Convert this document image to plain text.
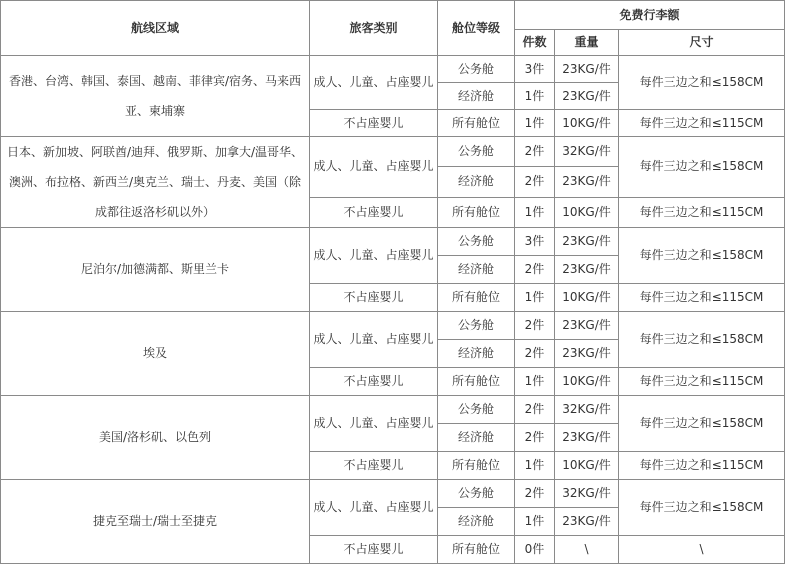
航线区域	旅客类别	舱位等级	免费行李额		
			件数	重量	尺寸
香港、台湾、韩国、泰国、越南、菲律宾/宿务、马来西亚、柬埔寨	成人、儿童、占座婴儿	公务舱	3件	23KG/件	每件三边之和≤158CM
		经济舱	1件	23KG/件	
	不占座婴儿	所有舱位	1件	10KG/件	每件三边之和≤115CM
日本、新加坡、阿联酋/迪拜、俄罗斯、加拿大/温哥华、澳洲、布拉格、新西兰/奥克兰、瑞士、丹麦、美国（除成都往返洛杉矶以外）	成人、儿童、占座婴儿	公务舱	2件	32KG/件	每件三边之和≤158CM
		经济舱	2件	23KG/件	
	不占座婴儿	所有舱位	1件	10KG/件	每件三边之和≤115CM
尼泊尔/加德满都、斯里兰卡	成人、儿童、占座婴儿	公务舱	3件	23KG/件	每件三边之和≤158CM
		经济舱	2件	23KG/件	
	不占座婴儿	所有舱位	1件	10KG/件	每件三边之和≤115CM
埃及	成人、儿童、占座婴儿	公务舱	2件	23KG/件	每件三边之和≤158CM
		经济舱	2件	23KG/件	
	不占座婴儿	所有舱位	1件	10KG/件	每件三边之和≤115CM
美国/洛杉矶、以色列	成人、儿童、占座婴儿	公务舱	2件	32KG/件	每件三边之和≤158CM
		经济舱	2件	23KG/件	
	不占座婴儿	所有舱位	1件	10KG/件	每件三边之和≤115CM
捷克至瑞士/瑞士至捷克	成人、儿童、占座婴儿	公务舱	2件	32KG/件	每件三边之和≤158CM
		经济舱	1件	23KG/件	
	不占座婴儿	所有舱位	0件	\	\
